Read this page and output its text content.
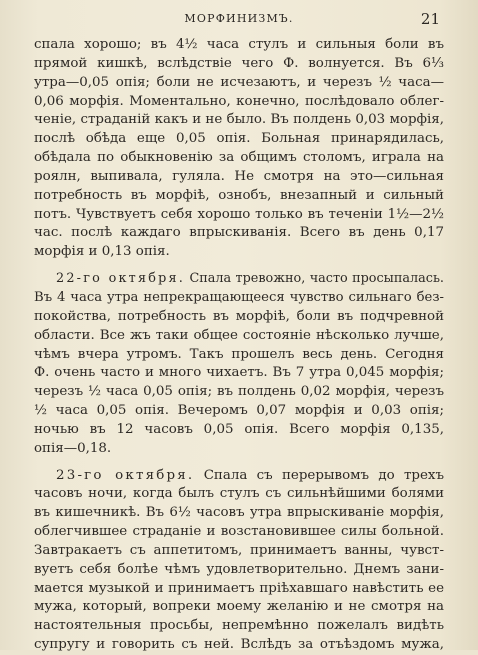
МОРФИНИЗМЪ.	21
спала хорошо; въ 4½ часа стулъ и сильныя боли въ
прямой кишкѣ, вслѣдствіе чего Ф. волнуется. Въ 6⅓
утра—0,05 опія; боли не исчезаютъ, и черезъ ½ часа—
0,06 морфія. Моментально, конечно, послѣдовало облег-
ченіе, страданій какъ и не было. Въ полдень 0,03 морфія,
послѣ обѣда еще 0,05 опія. Больная принарядилась,
обѣдала по обыкновенію за общимъ столомъ, играла на
роялн, выпивала, гуляла. Не смотря на это—сильная
потребность въ морфіѣ, ознобъ, внезапный и сильный
потъ. Чувствуетъ себя хорошо только въ теченіи 1½—2½
час. послѣ каждаго впрыскиванія. Всего въ день 0,17
морфія и 0,13 опія.
22-го октября. Спала тревожно, часто просыпалась.
Въ 4 часа утра непрекращающееся чувство сильнаго без-
покойства, потребность въ морфіѣ, боли въ подчревной
области. Все жъ таки общее состояніе нѣсколько лучше,
чѣмъ вчера утромъ. Такъ прошелъ весь день. Сегодня
Ф. очень часто и много чихаетъ. Въ 7 утра 0,045 морфія;
черезъ ½ часа 0,05 опія; въ полдень 0,02 морфія, черезъ
½ часа 0,05 опія. Вечеромъ 0,07 морфія и 0,03 опія;
ночью въ 12 часовъ 0,05 опія. Всего морфія 0,135,
опія—0,18.
23-го октября. Спала съ перерывомъ до трехъ
часовъ ночи, когда былъ стулъ съ сильнѣйшими болями
въ кишечникѣ. Въ 6½ часовъ утра впрыскиваніе морфія,
облегчившее страданіе и возстановившее силы больной.
Завтракаетъ съ аппетитомъ, принимаетъ ванны, чувст-
вуетъ себя болѣе чѣмъ удовлетворительно. Днемъ зани-
мается музыкой и принимаетъ пріѣхавшаго навѣстить ее
мужа, который, вопреки моему желанію и не смотря на
настоятельныя просьбы, непремѣнно пожелалъ видѣть
супругу и говорить съ ней. Вслѣдъ за отъѣздомъ мужа,
